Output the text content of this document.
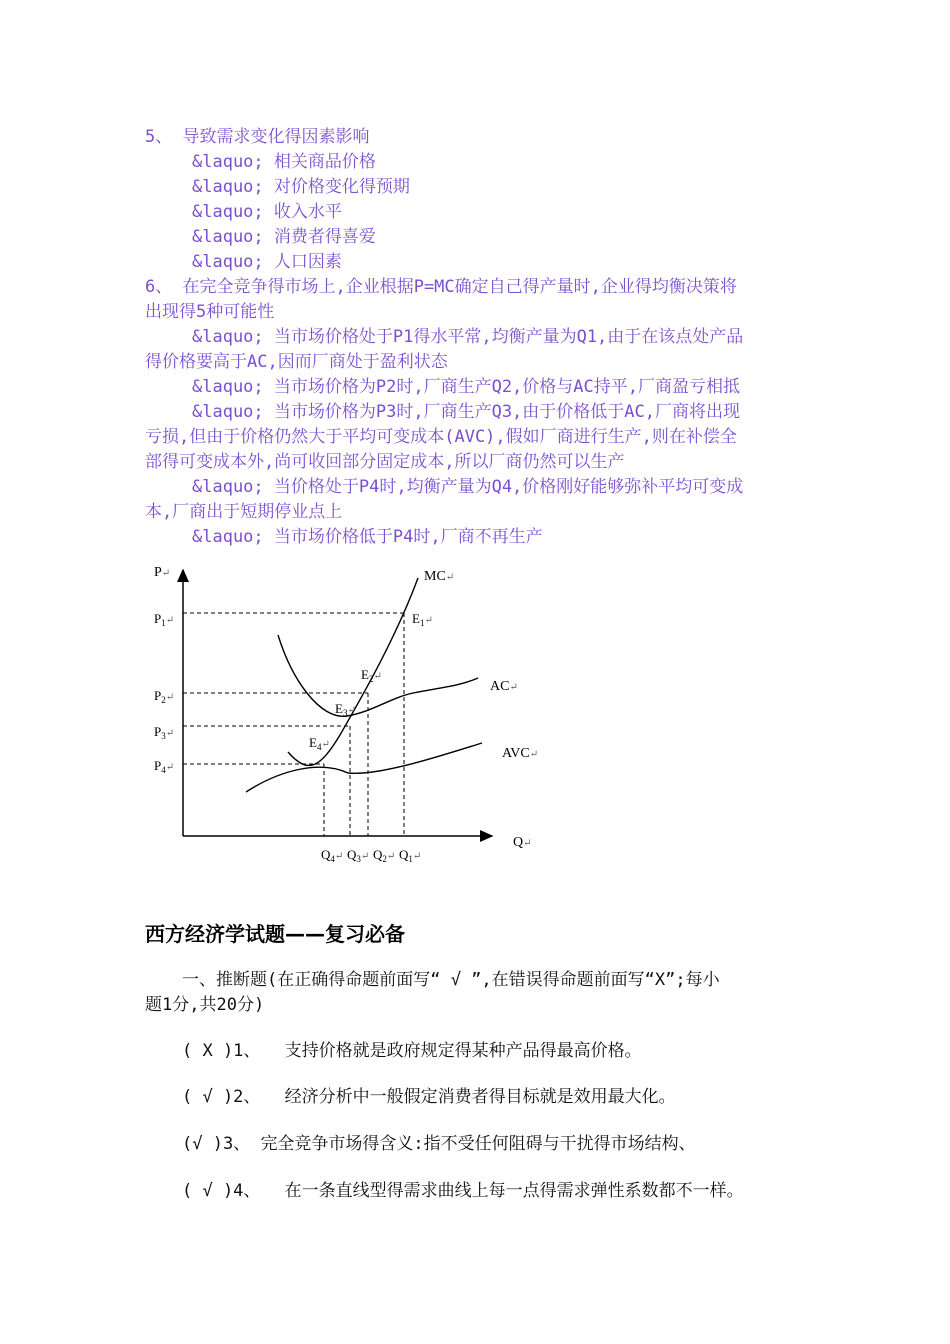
5、 导致需求变化得因素影响
&laquo; 相关商品价格
&laquo; 对价格变化得预期
&laquo; 收入水平
&laquo; 消费者得喜爱
&laquo; 人口因素
6、 在完全竞争得市场上,企业根据P=MC确定自己得产量时,企业得均衡决策将
出现得5种可能性
&laquo; 当市场价格处于P1得水平常,均衡产量为Q1,由于在该点处产品
得价格要高于AC,因而厂商处于盈利状态
&laquo; 当市场价格为P2时,厂商生产Q2,价格与AC持平,厂商盈亏相抵
&laquo; 当市场价格为P3时,厂商生产Q3,由于价格低于AC,厂商将出现
亏损,但由于价格仍然大于平均可变成本(AVC),假如厂商进行生产,则在补偿全
部得可变成本外,尚可收回部分固定成本,所以厂商仍然可以生产
&laquo; 当价格处于P4时,均衡产量为Q4,价格刚好能够弥补平均可变成
本,厂商出于短期停业点上
&laquo; 当市场价格低于P4时,厂商不再生产
P↵
Q↵
MC↵
AC↵
AVC↵
$P_1^↵$
$P_2^↵$
$P_3^↵$
$P_4^↵$
$E_1^↵$
$E_2^↵$
$E_3^↵$
$E_4^↵$
$Q_4^↵$ $Q_3^↵$ $Q_2^↵$ $Q_1^↵$
西方经济学试题——复习必备
一、推断题(在正确得命题前面写“ √ ”,在错误得命题前面写“X”;每小
题1分,共20分)
( X )1、 支持价格就是政府规定得某种产品得最高价格。
( √ )2、 经济分析中一般假定消费者得目标就是效用最大化。
(√ )3、 完全竞争市场得含义:指不受任何阻碍与干扰得市场结构、
( √ )4、 在一条直线型得需求曲线上每一点得需求弹性系数都不一样。
